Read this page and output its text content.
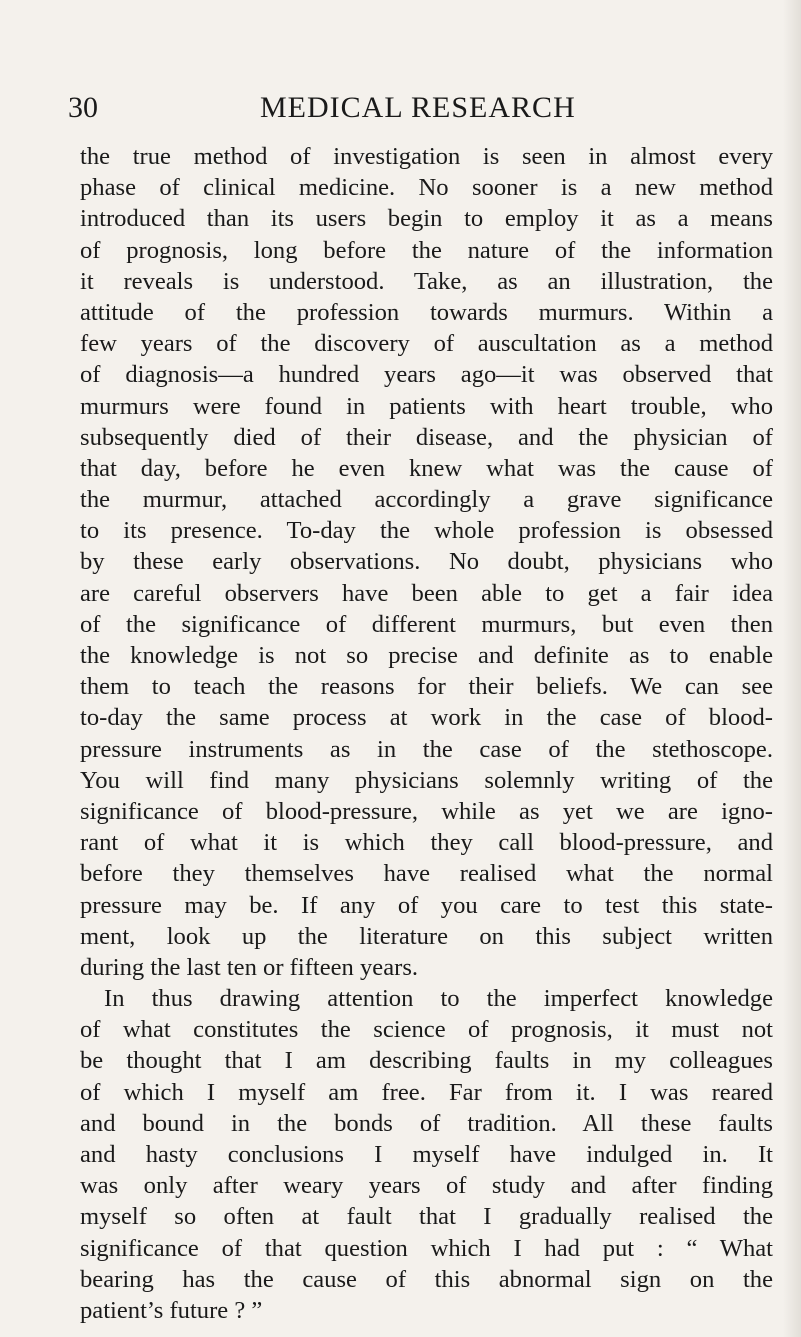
30	MEDICAL RESEARCH
the true method of investigation is seen in almost every
phase of clinical medicine. No sooner is a new method
introduced than its users begin to employ it as a means
of prognosis, long before the nature of the information
it reveals is understood. Take, as an illustration, the
attitude of the profession towards murmurs. Within a
few years of the discovery of auscultation as a method
of diagnosis—a hundred years ago—it was observed that
murmurs were found in patients with heart trouble, who
subsequently died of their disease, and the physician of
that day, before he even knew what was the cause of
the murmur, attached accordingly a grave significance
to its presence. To-day the whole profession is obsessed
by these early observations. No doubt, physicians who
are careful observers have been able to get a fair idea
of the significance of different murmurs, but even then
the knowledge is not so precise and definite as to enable
them to teach the reasons for their beliefs. We can see
to-day the same process at work in the case of blood-
pressure instruments as in the case of the stethoscope.
You will find many physicians solemnly writing of the
significance of blood-pressure, while as yet we are igno-
rant of what it is which they call blood-pressure, and
before they themselves have realised what the normal
pressure may be. If any of you care to test this state-
ment, look up the literature on this subject written
during the last ten or fifteen years.
In thus drawing attention to the imperfect knowledge
of what constitutes the science of prognosis, it must not
be thought that I am describing faults in my colleagues
of which I myself am free. Far from it. I was reared
and bound in the bonds of tradition. All these faults
and hasty conclusions I myself have indulged in. It
was only after weary years of study and after finding
myself so often at fault that I gradually realised the
significance of that question which I had put : “ What
bearing has the cause of this abnormal sign on the
patient’s future ? ”
